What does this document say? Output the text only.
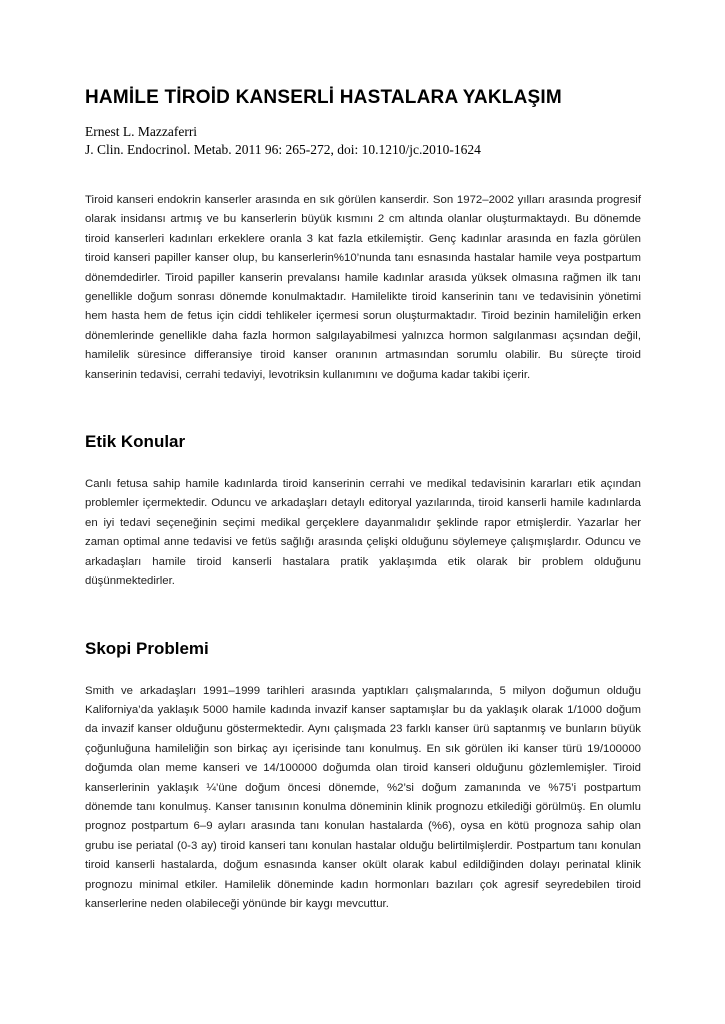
HAMİLE TİROİD KANSERLİ HASTALARA YAKLAŞIM
Ernest L. Mazzaferri
J. Clin. Endocrinol. Metab. 2011 96: 265-272, doi: 10.1210/jc.2010-1624

Tiroid kanseri endokrin kanserler arasında en sık görülen kanserdir. Son 1972–2002 yılları arasında progresif olarak insidansı artmış ve bu kanserlerin büyük kısmını 2 cm altında olanlar oluşturmaktaydı. Bu dönemde tiroid kanserleri kadınları erkeklere oranla 3 kat fazla etkilemiştir. Genç kadınlar arasında en fazla görülen tiroid kanseri papiller kanser olup, bu kanserlerin%10’nunda tanı esnasında hastalar hamile veya postpartum dönemdedirler. Tiroid papiller kanserin prevalansı hamile kadınlar arasıda yüksek olmasına rağmen ilk tanı genellikle doğum sonrası dönemde konulmaktadır. Hamilelikte tiroid kanserinin tanı ve tedavisinin yönetimi hem hasta hem de fetus için ciddi tehlikeler içermesi sorun oluşturmaktadır. Tiroid bezinin hamileliğin erken dönemlerinde genellikle daha fazla hormon salgılayabilmesi yalnızca hormon salgılanması açsından değil, hamilelik süresince differansiye tiroid kanser oranının artmasından sorumlu olabilir. Bu süreçte tiroid kanserinin tedavisi, cerrahi tedaviyi, levotriksin kullanımını ve doğuma kadar takibi içerir.

Etik Konular

Canlı fetusa sahip hamile kadınlarda tiroid kanserinin cerrahi ve medikal tedavisinin kararları etik açından problemler içermektedir. Oduncu ve arkadaşları detaylı editoryal yazılarında, tiroid kanserli hamile kadınlarda en iyi tedavi seçeneğinin seçimi medikal gerçeklere dayanmalıdır şeklinde rapor etmişlerdir. Yazarlar her zaman optimal anne tedavisi ve fetüs sağlığı arasında çelişki olduğunu söylemeye çalışmışlardır. Oduncu ve arkadaşları hamile tiroid kanserli hastalara pratik yaklaşımda etik olarak bir problem olduğunu düşünmektedirler.

Skopi Problemi

Smith ve arkadaşları 1991–1999 tarihleri arasında yaptıkları çalışmalarında, 5 milyon doğumun olduğu Kaliforniya’da yaklaşık 5000 hamile kadında invazif kanser saptamışlar bu da yaklaşık olarak 1/1000 doğum da invazif kanser olduğunu göstermektedir. Aynı çalışmada 23 farklı kanser ürü saptanmış ve bunların büyük çoğunluğuna hamileliğin son birkaç ayı içerisinde tanı konulmuş. En sık görülen iki kanser türü 19/100000 doğumda olan meme kanseri ve 14/100000 doğumda olan tiroid kanseri olduğunu gözlemlemişler. Tiroid kanserlerinin yaklaşık ¼’üne doğum öncesi dönemde, %2’si doğum zamanında ve %75’i postpartum dönemde tanı konulmuş. Kanser tanısının konulma döneminin klinik prognozu etkilediği görülmüş. En olumlu prognoz postpartum 6–9 ayları arasında tanı konulan hastalarda (%6), oysa en kötü prognoza sahip olan grubu ise periatal (0-3 ay) tiroid kanseri tanı konulan hastalar olduğu belirtilmişlerdir. Postpartum tanı konulan tiroid kanserli hastalarda, doğum esnasında kanser okült olarak kabul edildiğinden dolayı perinatal klinik prognozu minimal etkiler. Hamilelik döneminde kadın hormonları bazıları çok agresif seyredebilen tiroid kanserlerine neden olabileceği yönünde bir kaygı mevcuttur.
